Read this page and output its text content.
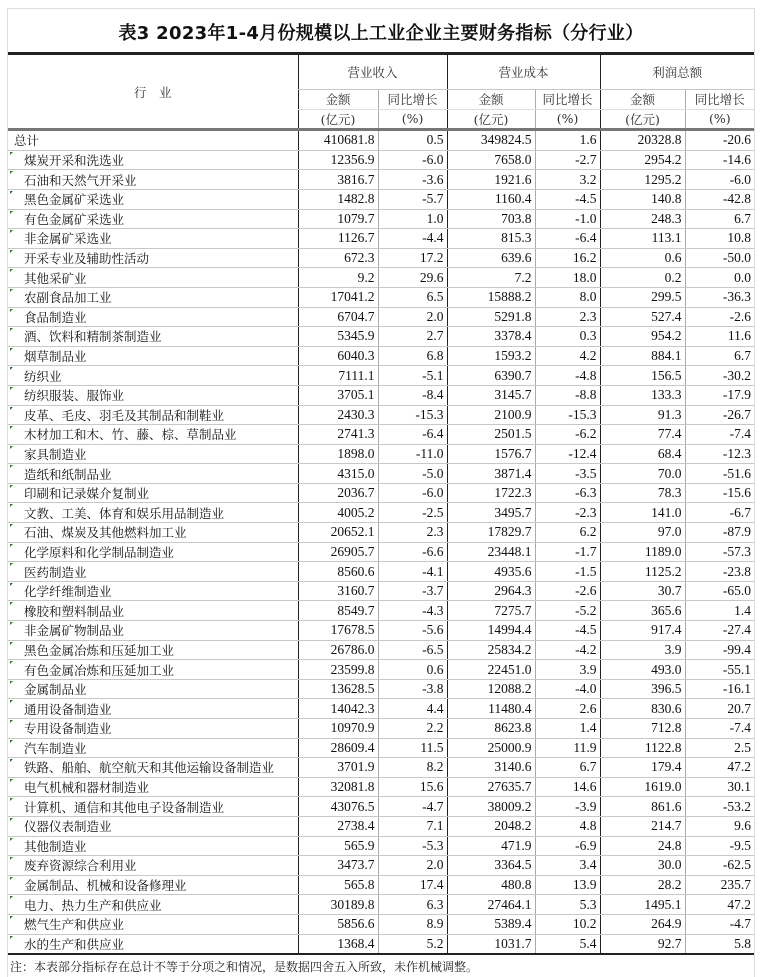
表3 2023年1-4月份规模以上工业企业主要财务指标（分行业）
行　业	营业收入		营业成本		利润总额	
	金额	同比增长	金额	同比增长	金额	同比增长
	(亿元)	(%)	(亿元)	(%)	(亿元)	(%)
总计	410681.8	0.5	349824.5	1.6	20328.8	-20.6
煤炭开采和洗选业	12356.9	-6.0	7658.0	-2.7	2954.2	-14.6
石油和天然气开采业	3816.7	-3.6	1921.6	3.2	1295.2	-6.0
黑色金属矿采选业	1482.8	-5.7	1160.4	-4.5	140.8	-42.8
有色金属矿采选业	1079.7	1.0	703.8	-1.0	248.3	6.7
非金属矿采选业	1126.7	-4.4	815.3	-6.4	113.1	10.8
开采专业及辅助性活动	672.3	17.2	639.6	16.2	0.6	-50.0
其他采矿业	9.2	29.6	7.2	18.0	0.2	0.0
农副食品加工业	17041.2	6.5	15888.2	8.0	299.5	-36.3
食品制造业	6704.7	2.0	5291.8	2.3	527.4	-2.6
酒、饮料和精制茶制造业	5345.9	2.7	3378.4	0.3	954.2	11.6
烟草制品业	6040.3	6.8	1593.2	4.2	884.1	6.7
纺织业	7111.1	-5.1	6390.7	-4.8	156.5	-30.2
纺织服装、服饰业	3705.1	-8.4	3145.7	-8.8	133.3	-17.9
皮革、毛皮、羽毛及其制品和制鞋业	2430.3	-15.3	2100.9	-15.3	91.3	-26.7
木材加工和木、竹、藤、棕、草制品业	2741.3	-6.4	2501.5	-6.2	77.4	-7.4
家具制造业	1898.0	-11.0	1576.7	-12.4	68.4	-12.3
造纸和纸制品业	4315.0	-5.0	3871.4	-3.5	70.0	-51.6
印刷和记录媒介复制业	2036.7	-6.0	1722.3	-6.3	78.3	-15.6
文教、工美、体育和娱乐用品制造业	4005.2	-2.5	3495.7	-2.3	141.0	-6.7
石油、煤炭及其他燃料加工业	20652.1	2.3	17829.7	6.2	97.0	-87.9
化学原料和化学制品制造业	26905.7	-6.6	23448.1	-1.7	1189.0	-57.3
医药制造业	8560.6	-4.1	4935.6	-1.5	1125.2	-23.8
化学纤维制造业	3160.7	-3.7	2964.3	-2.6	30.7	-65.0
橡胶和塑料制品业	8549.7	-4.3	7275.7	-5.2	365.6	1.4
非金属矿物制品业	17678.5	-5.6	14994.4	-4.5	917.4	-27.4
黑色金属冶炼和压延加工业	26786.0	-6.5	25834.2	-4.2	3.9	-99.4
有色金属冶炼和压延加工业	23599.8	0.6	22451.0	3.9	493.0	-55.1
金属制品业	13628.5	-3.8	12088.2	-4.0	396.5	-16.1
通用设备制造业	14042.3	4.4	11480.4	2.6	830.6	20.7
专用设备制造业	10970.9	2.2	8623.8	1.4	712.8	-7.4
汽车制造业	28609.4	11.5	25000.9	11.9	1122.8	2.5
铁路、船舶、航空航天和其他运输设备制造业	3701.9	8.2	3140.6	6.7	179.4	47.2
电气机械和器材制造业	32081.8	15.6	27635.7	14.6	1619.0	30.1
计算机、通信和其他电子设备制造业	43076.5	-4.7	38009.2	-3.9	861.6	-53.2
仪器仪表制造业	2738.4	7.1	2048.2	4.8	214.7	9.6
其他制造业	565.9	-5.3	471.9	-6.9	24.8	-9.5
废弃资源综合利用业	3473.7	2.0	3364.5	3.4	30.0	-62.5
金属制品、机械和设备修理业	565.8	17.4	480.8	13.9	28.2	235.7
电力、热力生产和供应业	30189.8	6.3	27464.1	5.3	1495.1	47.2
燃气生产和供应业	5856.6	8.9	5389.4	10.2	264.9	-4.7
水的生产和供应业	1368.4	5.2	1031.7	5.4	92.7	5.8
注：本表部分指标存在总计不等于分项之和情况，是数据四舍五入所致，未作机械调整。
